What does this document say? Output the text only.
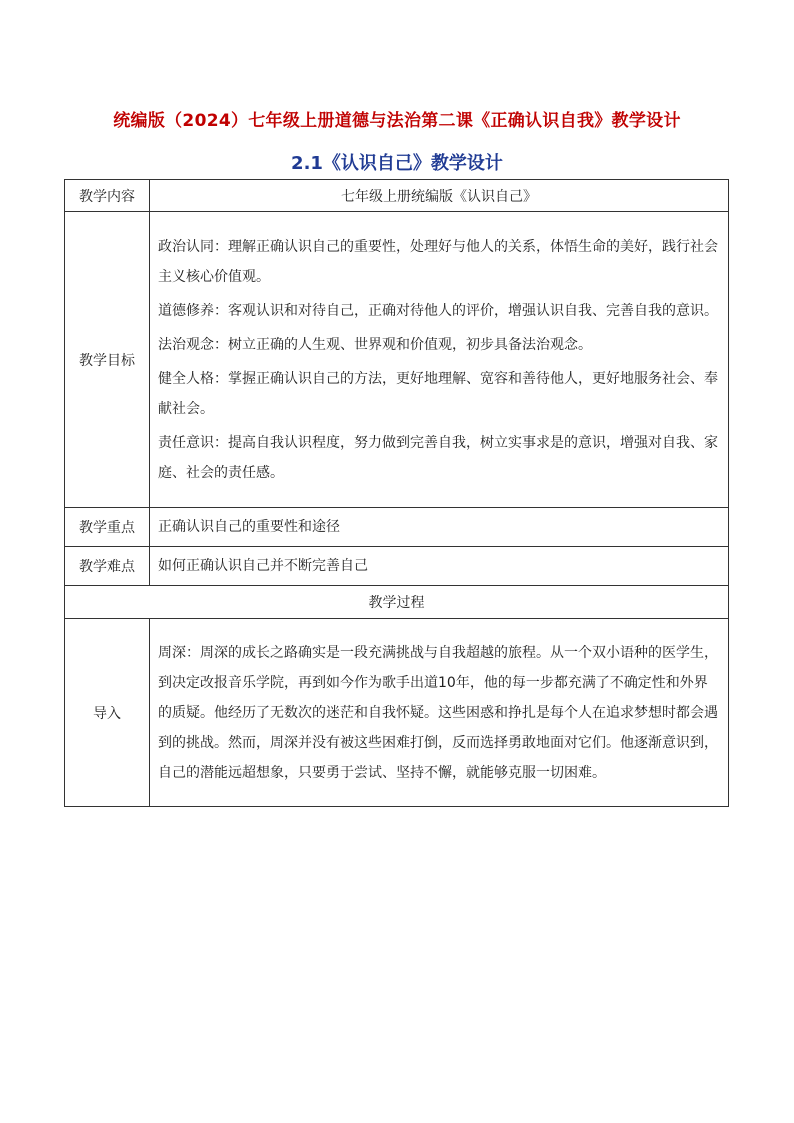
统编版（2024）七年级上册道德与法治第二课《正确认识自我》教学设计
2.1《认识自己》教学设计
教学内容	七年级上册统编版《认识自己》
教学目标	政治认同：理解正确认识自己的重要性，处理好与他人的关系，体悟生命的美好，践行社会主义核心价值观。

道德修养：客观认识和对待自己，正确对待他人的评价，增强认识自我、完善自我的意识。

法治观念：树立正确的人生观、世界观和价值观，初步具备法治观念。

健全人格：掌握正确认识自己的方法，更好地理解、宽容和善待他人，更好地服务社会、奉献社会。

责任意识：提高自我认识程度，努力做到完善自我，树立实事求是的意识，增强对自我、家庭、社会的责任感。

教学重点	正确认识自己的重要性和途径
教学难点	如何正确认识自己并不断完善自己
教学过程	
导入	周深：周深的成长之路确实是一段充满挑战与自我超越的旅程。从一个双小语种的医学生，到决定改报音乐学院，再到如今作为歌手出道10年，他的每一步都充满了不确定性和外界的质疑。他经历了无数次的迷茫和自我怀疑。这些困惑和挣扎是每个人在追求梦想时都会遇到的挑战。然而，周深并没有被这些困难打倒，反而选择勇敢地面对它们。他逐渐意识到，自己的潜能远超想象，只要勇于尝试、坚持不懈，就能够克服一切困难。
